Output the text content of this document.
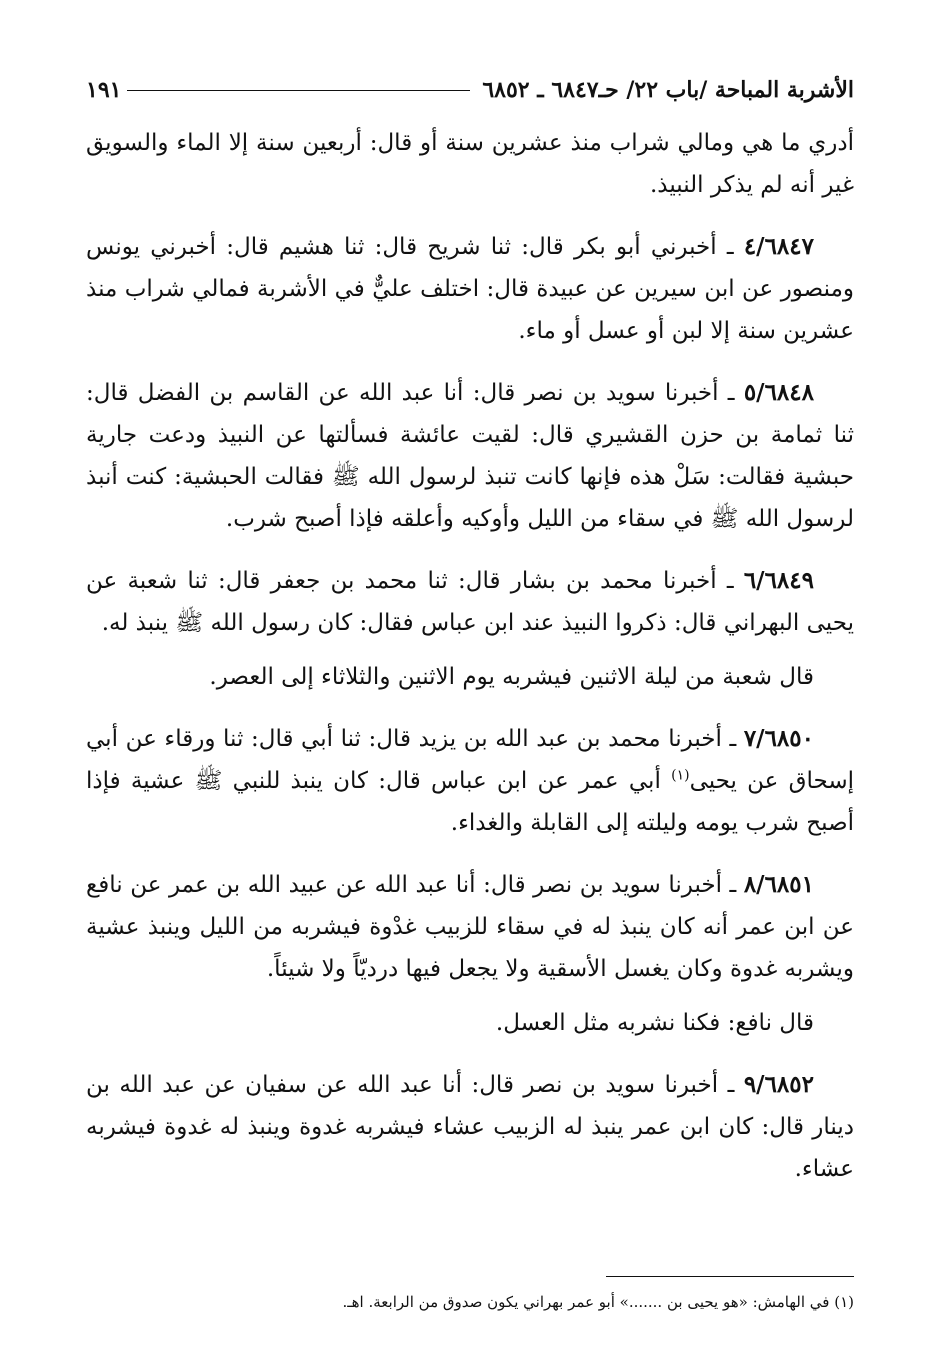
الأشربة المباحة /باب ٢٢/ حـ٦٨٤٧ ـ ٦٨٥٢
١٩١

أدري ما هي ومالي شراب منذ عشرين سنة أو قال: أربعين سنة إلا الماء والسويق غير أنه لم يذكر النبيذ.

٤/٦٨٤٧ ـ أخبرني أبو بكر قال: ثنا شريح قال: ثنا هشيم قال: أخبرني يونس ومنصور عن ابن سيرين عن عبيدة قال: اختلف عليٌّ في الأشربة فمالي شراب منذ عشرين سنة إلا لبن أو عسل أو ماء.

٥/٦٨٤٨ ـ أخبرنا سويد بن نصر قال: أنا عبد الله عن القاسم بن الفضل قال: ثنا ثمامة بن حزن القشيري قال: لقيت عائشة فسألتها عن النبيذ ودعت جارية حبشية فقالت: سَلْ هذه فإنها كانت تنبذ لرسول الله ﷺ فقالت الحبشية: كنت أنبذ لرسول الله ﷺ في سقاء من الليل وأوكيه وأعلقه فإذا أصبح شرب.

٦/٦٨٤٩ ـ أخبرنا محمد بن بشار قال: ثنا محمد بن جعفر قال: ثنا شعبة عن يحيى البهراني قال: ذكروا النبيذ عند ابن عباس فقال: كان رسول الله ﷺ ينبذ له.

قال شعبة من ليلة الاثنين فيشربه يوم الاثنين والثلاثاء إلى العصر.

٧/٦٨٥٠ ـ أخبرنا محمد بن عبد الله بن يزيد قال: ثنا أبي قال: ثنا ورقاء عن أبي إسحاق عن يحيى$^{(١)}$ أبي عمر عن ابن عباس قال: كان ينبذ للنبي ﷺ عشية فإذا أصبح شرب يومه وليلته إلى القابلة والغداء.

٨/٦٨٥١ ـ أخبرنا سويد بن نصر قال: أنا عبد الله عن عبيد الله بن عمر عن نافع عن ابن عمر أنه كان ينبذ له في سقاء للزبيب غدْوة فيشربه من الليل وينبذ عشية ويشربه غدوة وكان يغسل الأسقية ولا يجعل فيها درديّاً ولا شيئاً.

قال نافع: فكنا نشربه مثل العسل.

٩/٦٨٥٢ ـ أخبرنا سويد بن نصر قال: أنا عبد الله عن سفيان عن عبد الله بن دينار قال: كان ابن عمر ينبذ له الزبيب عشاء فيشربه غدوة وينبذ له غدوة فيشربه عشاء.

(١) في الهامش: «هو يحيى بن .......» أبو عمر بهراني يكون صدوق من الرابعة. اهـ.
